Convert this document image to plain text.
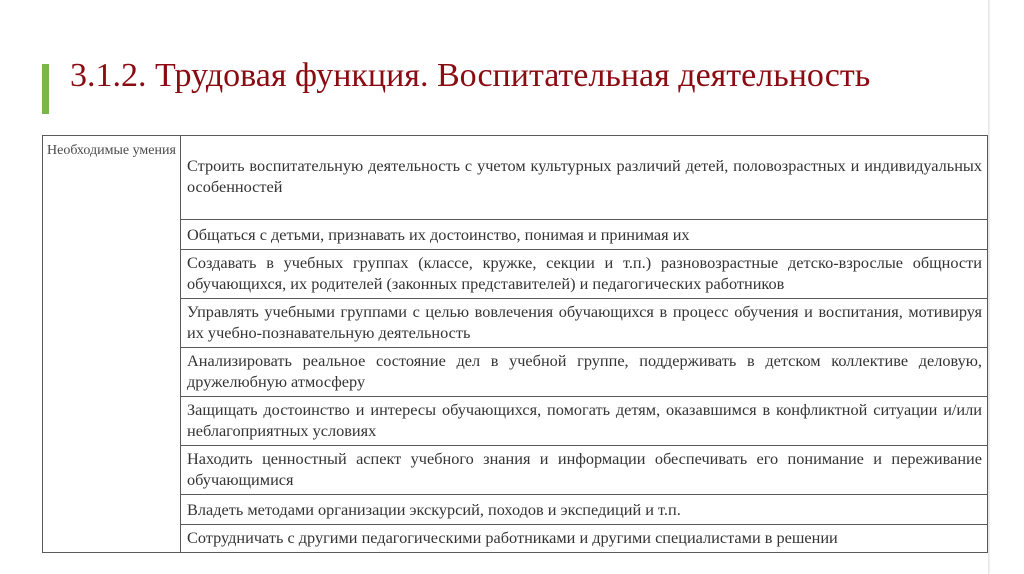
3.1.2. Трудовая функция. Воспитательная деятельность
Необходимые умения	Строить воспитательную деятельность с учетом культурных различий детей, половозрастных и индивидуальных особенностей
Общаться с детьми, признавать их достоинство, понимая и принимая их
Создавать в учебных группах (классе, кружке, секции и т.п.) разновозрастные детско-взрослые общности обучающихся, их родителей (законных представителей) и педагогических работников
Управлять учебными группами с целью вовлечения обучающихся в процесс обучения и воспитания, мотивируя их учебно-познавательную деятельность
Анализировать реальное состояние дел в учебной группе, поддерживать в детском коллективе деловую, дружелюбную атмосферу
Защищать достоинство и интересы обучающихся, помогать детям, оказавшимся в конфликтной ситуации и/или неблагоприятных условиях
Находить ценностный аспект учебного знания и информации обеспечивать его понимание и переживание обучающимися
Владеть методами организации экскурсий, походов и экспедиций и т.п.
Сотрудничать с другими педагогическими работниками и другими специалистами в решении
